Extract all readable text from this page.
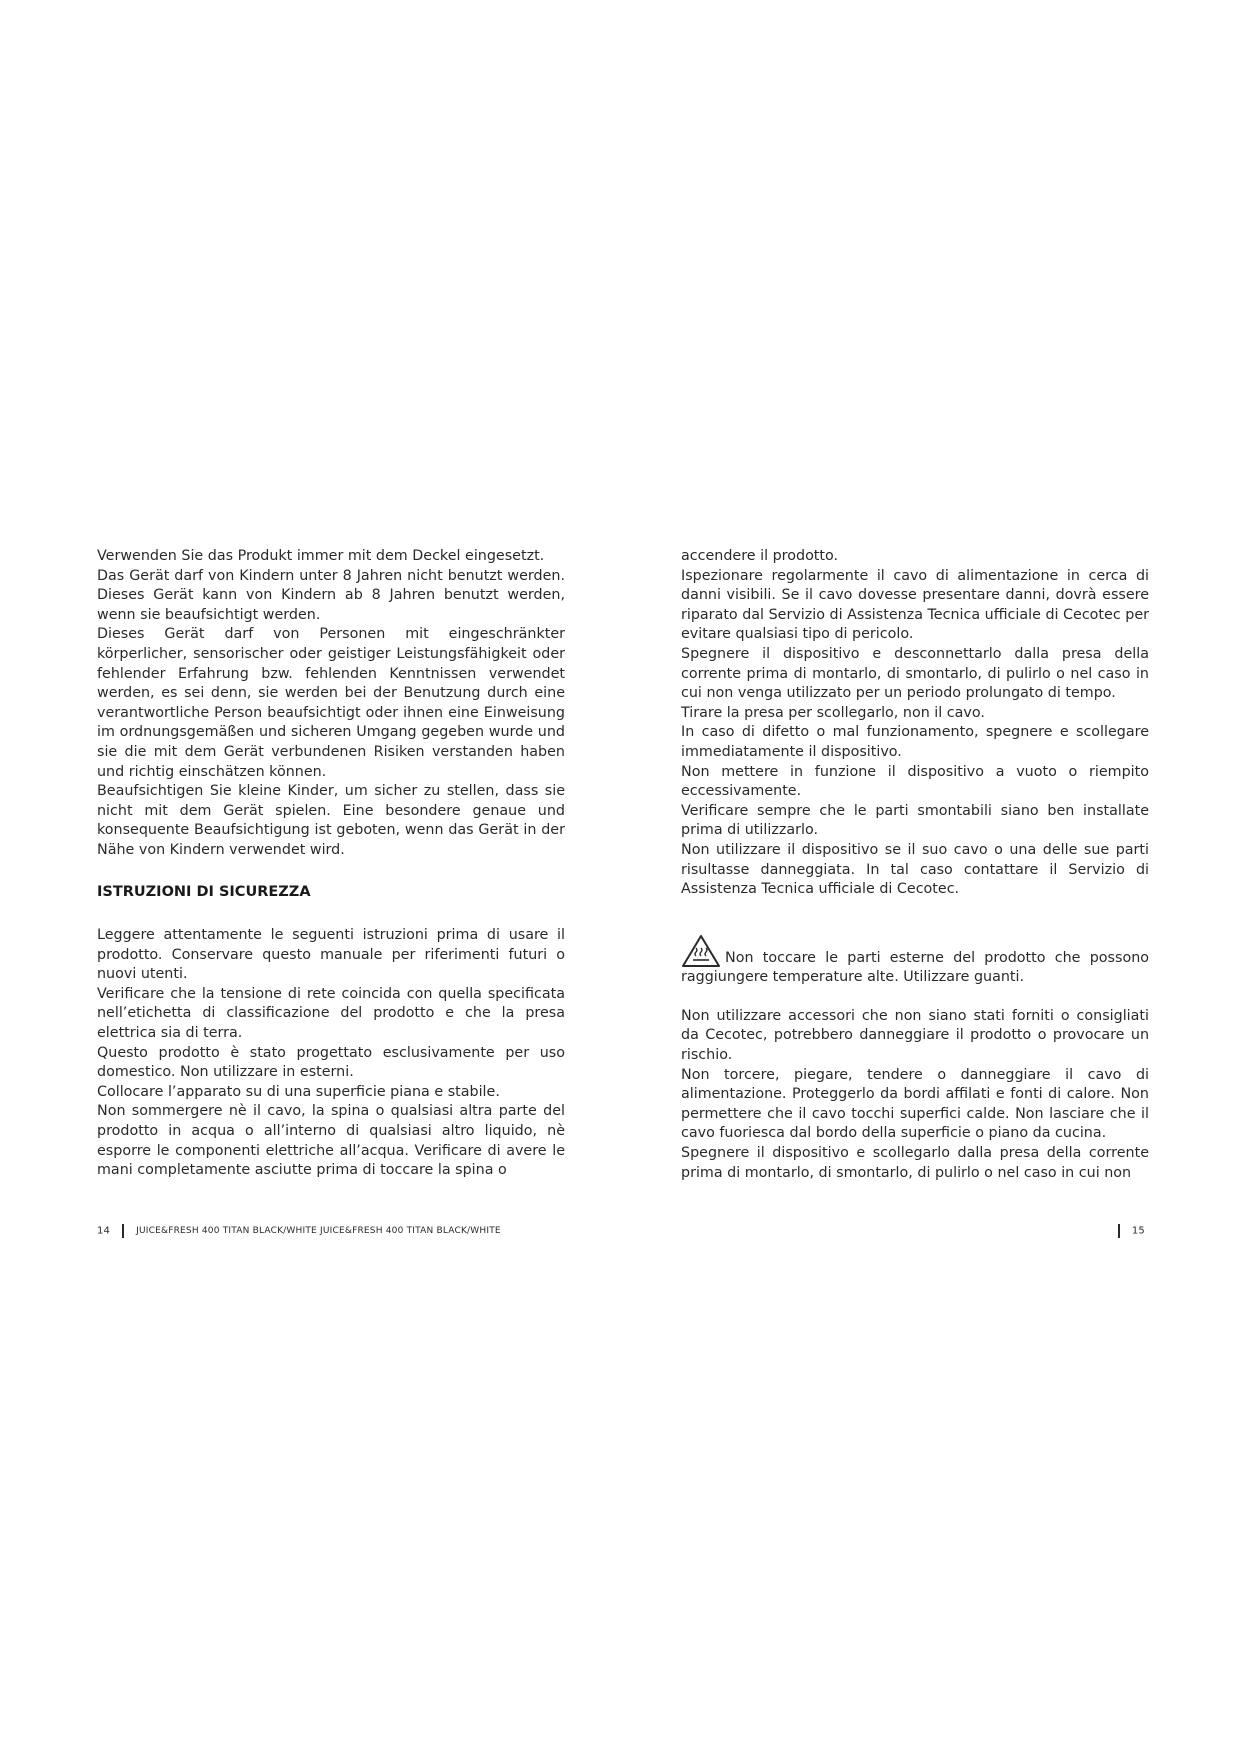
Verwenden Sie das Produkt immer mit dem Deckel eingesetzt.

Das Gerät darf von Kindern unter 8 Jahren nicht benutzt werden. Dieses Gerät kann von Kindern ab 8 Jahren benutzt werden, wenn sie beaufsichtigt werden.

Dieses Gerät darf von Personen mit eingeschränkter körperlicher, sensorischer oder geistiger Leistungsfähigkeit oder fehlender Erfahrung bzw. fehlenden Kenntnissen verwendet werden, es sei denn, sie werden bei der Benutzung durch eine verantwortliche Person beaufsichtigt oder ihnen eine Einweisung im ordnungsgemäßen und sicheren Umgang gegeben wurde und sie die mit dem Gerät verbundenen Risiken verstanden haben und richtig einschätzen können.

Beaufsichtigen Sie kleine Kinder, um sicher zu stellen, dass sie nicht mit dem Gerät spielen. Eine besondere genaue und konsequente Beaufsichtigung ist geboten, wenn das Gerät in der Nähe von Kindern verwendet wird.

ISTRUZIONI DI SICUREZZA

Leggere attentamente le seguenti istruzioni prima di usare il prodotto. Conservare questo manuale per riferimenti futuri o nuovi utenti.

Verificare che la tensione di rete coincida con quella specificata nell’etichetta di classificazione del prodotto e che la presa elettrica sia di terra.

Questo prodotto è stato progettato esclusivamente per uso domestico. Non utilizzare in esterni.

Collocare l’apparato su di una superficie piana e stabile.

Non sommergere nè il cavo, la spina o qualsiasi altra parte del prodotto in acqua o all’interno di qualsiasi altro liquido, nè esporre le componenti elettriche all’acqua. Verificare di avere le mani completamente asciutte prima di toccare la spina o

accendere il prodotto.

Ispezionare regolarmente il cavo di alimentazione in cerca di danni visibili. Se il cavo dovesse presentare danni, dovrà essere riparato dal Servizio di Assistenza Tecnica ufficiale di Cecotec per evitare qualsiasi tipo di pericolo.

Spegnere il dispositivo e desconnettarlo dalla presa della corrente prima di montarlo, di smontarlo, di pulirlo o nel caso in cui non venga utilizzato per un periodo prolungato di tempo.

Tirare la presa per scollegarlo, non il cavo.

In caso di difetto o mal funzionamento, spegnere e scollegare immediatamente il dispositivo.

Non mettere in funzione il dispositivo a vuoto o riempito eccessivamente.

Verificare sempre che le parti smontabili siano ben installate prima di utilizzarlo.

Non utilizzare il dispositivo se il suo cavo o una delle sue parti risultasse danneggiata. In tal caso contattare il Servizio di Assistenza Tecnica ufficiale di Cecotec.

Non toccare le parti esterne del prodotto che possono raggiungere temperature alte. Utilizzare guanti.

Non utilizzare accessori che non siano stati forniti o consigliati da Cecotec, potrebbero danneggiare il prodotto o provocare un rischio.

Non torcere, piegare, tendere o danneggiare il cavo di alimentazione. Proteggerlo da bordi affilati e fonti di calore. Non permettere che il cavo tocchi superfici calde. Non lasciare che il cavo fuoriesca dal bordo della superficie o piano da cucina.

Spegnere il dispositivo e scollegarlo dalla presa della corrente prima di montarlo, di smontarlo, di pulirlo o nel caso in cui non

14	JUICE&FRESH 400 TITAN BLACK/WHITE JUICE&FRESH 400 TITAN BLACK/WHITE	15
